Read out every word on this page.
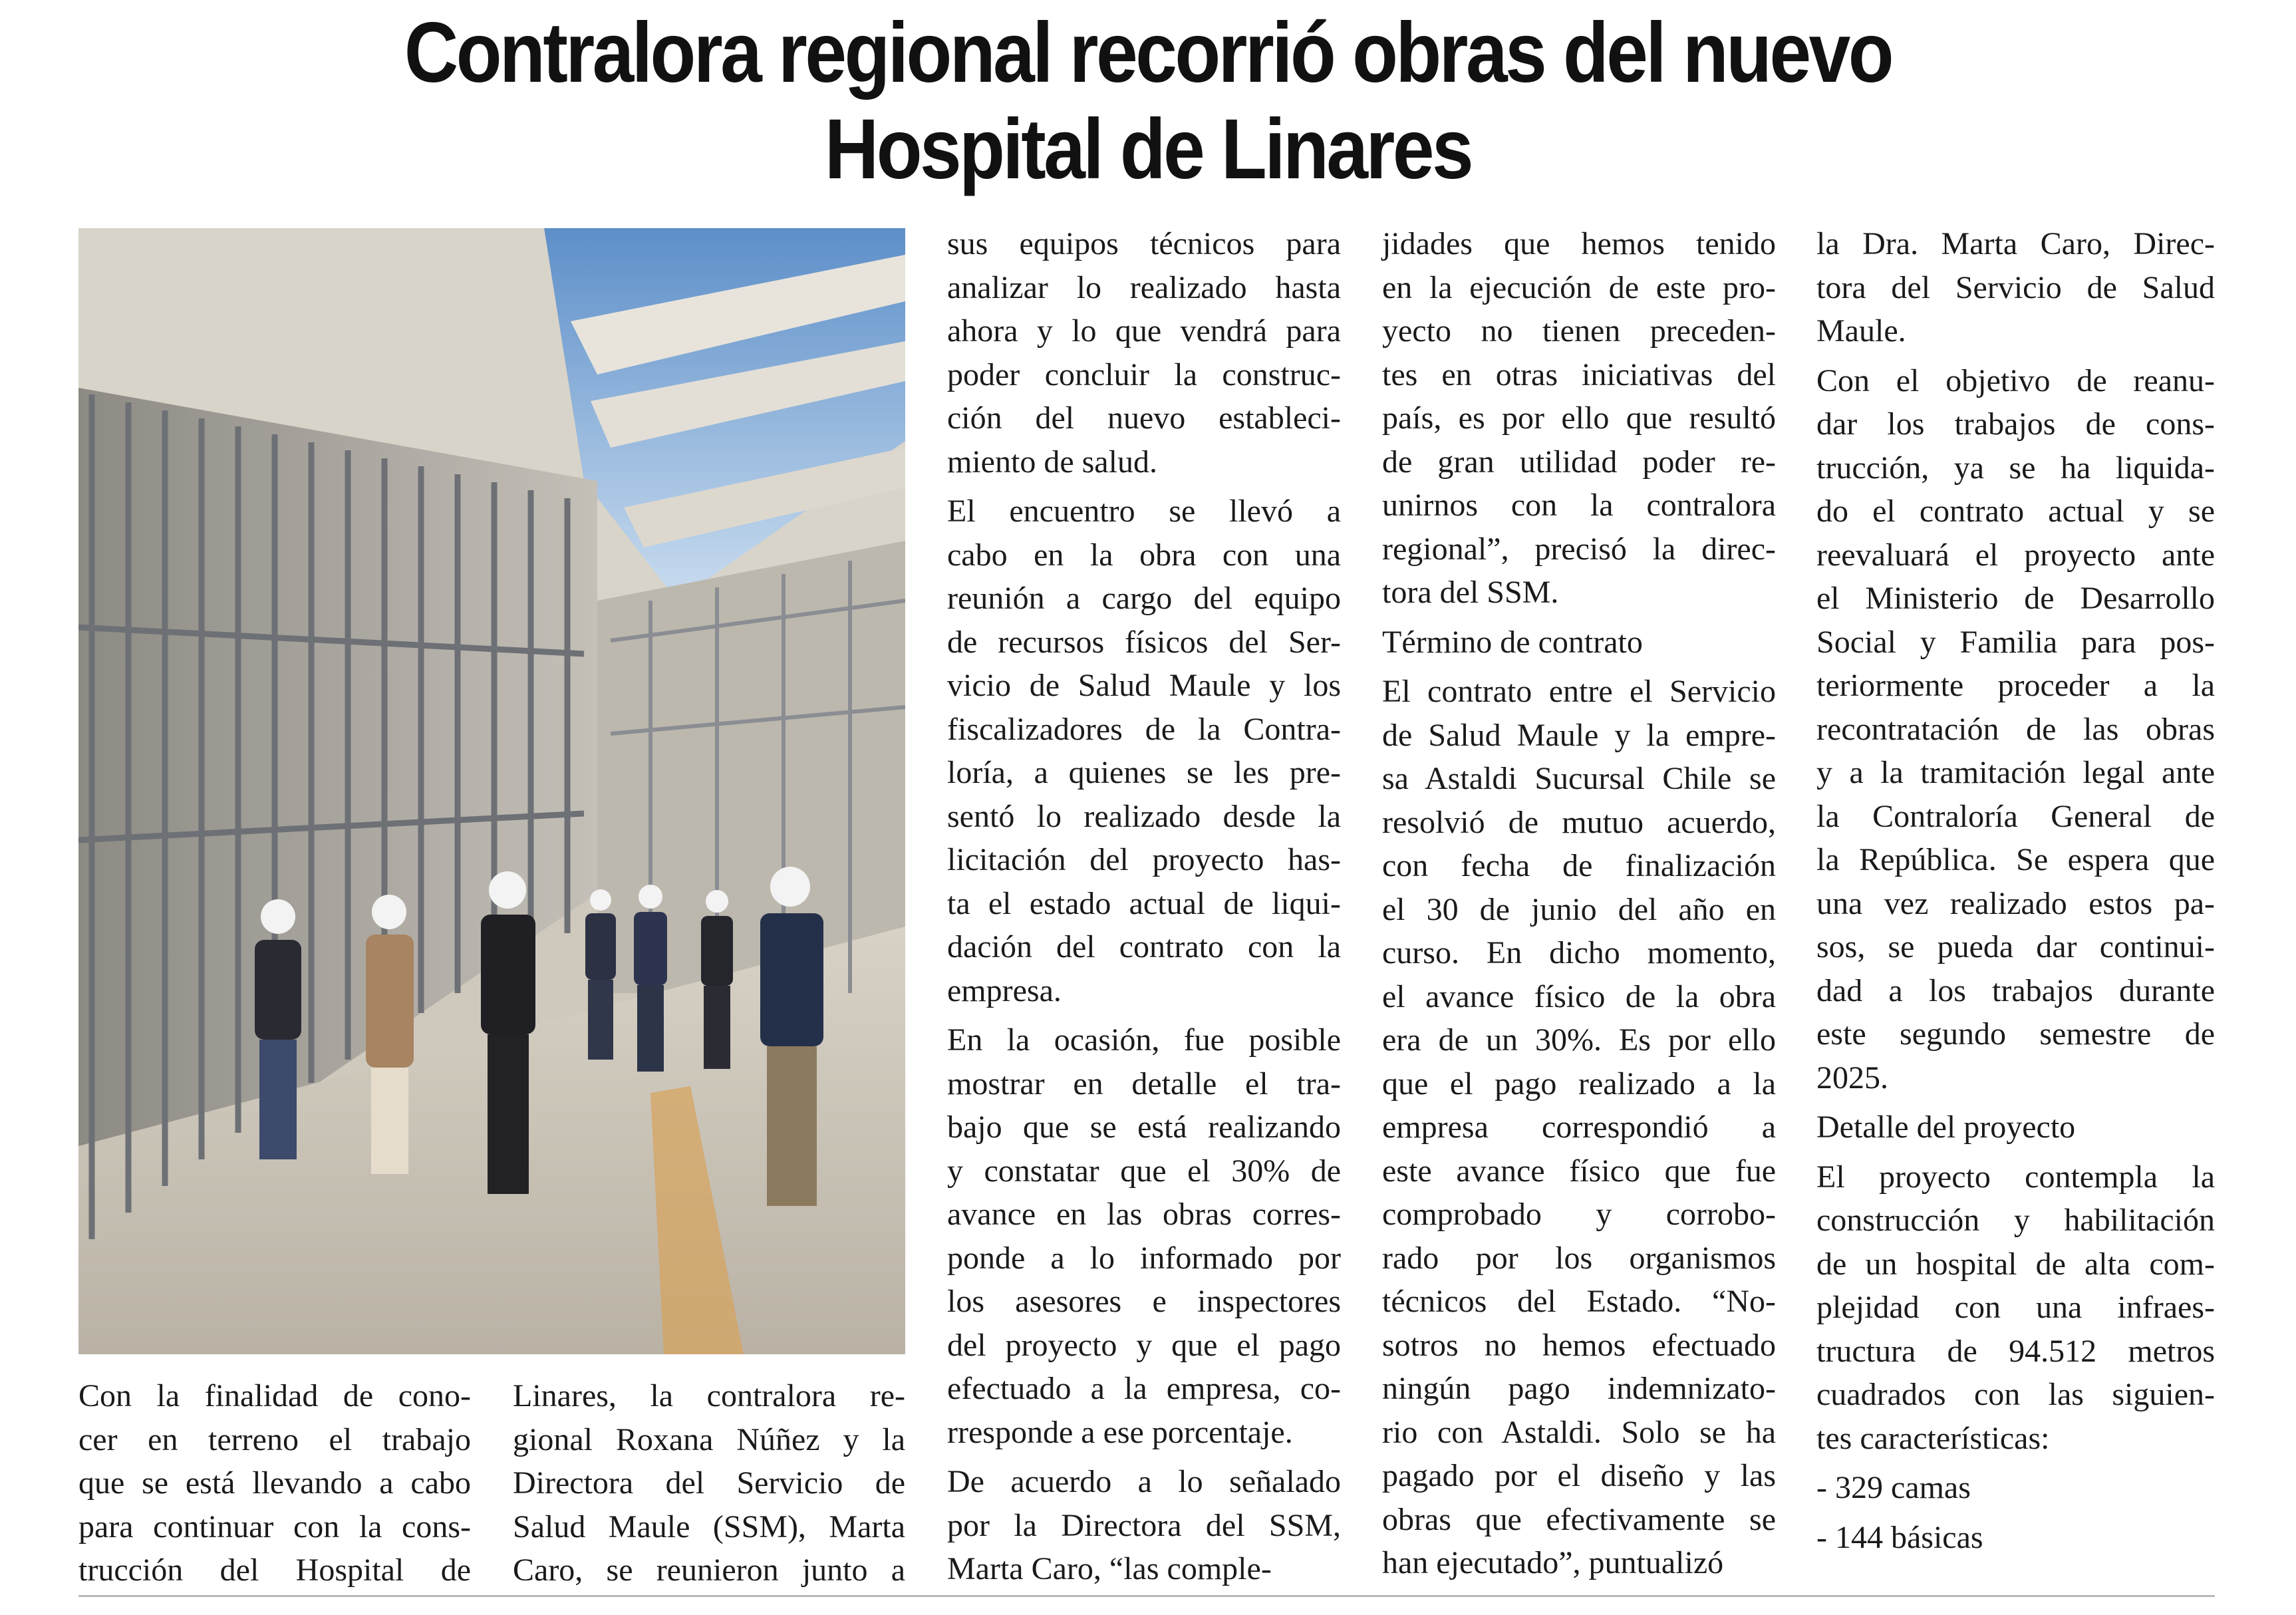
Contralora regional recorrió obras del nuevo
Hospital de Linares

Con la finalidad de cono-
cer en terreno el trabajo
que se está llevando a cabo
para continuar con la cons-
trucción del Hospital de

Linares, la contralora re-
gional Roxana Núñez y la
Directora del Servicio de
Salud Maule (SSM), Marta
Caro, se reunieron junto a

sus equipos técnicos para
analizar lo realizado hasta
ahora y lo que vendrá para
poder concluir la construc-
ción del nuevo estableci-
miento de salud.

El encuentro se llevó a
cabo en la obra con una
reunión a cargo del equipo
de recursos físicos del Ser-
vicio de Salud Maule y los
fiscalizadores de la Contra-
loría, a quienes se les pre-
sentó lo realizado desde la
licitación del proyecto has-
ta el estado actual de liqui-
dación del contrato con la
empresa.

En la ocasión, fue posible
mostrar en detalle el tra-
bajo que se está realizando
y constatar que el 30% de
avance en las obras corres-
ponde a lo informado por
los asesores e inspectores
del proyecto y que el pago
efectuado a la empresa, co-
rresponde a ese porcentaje.

De acuerdo a lo señalado
por la Directora del SSM,
Marta Caro, “las comple-

jidades que hemos tenido
en la ejecución de este pro-
yecto no tienen preceden-
tes en otras iniciativas del
país, es por ello que resultó
de gran utilidad poder re-
unirnos con la contralora
regional”, precisó la direc-
tora del SSM.

Término de contrato

El contrato entre el Servicio
de Salud Maule y la empre-
sa Astaldi Sucursal Chile se
resolvió de mutuo acuerdo,
con fecha de finalización
el 30 de junio del año en
curso. En dicho momento,
el avance físico de la obra
era de un 30%. Es por ello
que el pago realizado a la
empresa correspondió a
este avance físico que fue
comprobado y corrobo-
rado por los organismos
técnicos del Estado. “No-
sotros no hemos efectuado
ningún pago indemnizato-
rio con Astaldi. Solo se ha
pagado por el diseño y las
obras que efectivamente se
han ejecutado”, puntualizó

la Dra. Marta Caro, Direc-
tora del Servicio de Salud
Maule.

Con el objetivo de reanu-
dar los trabajos de cons-
trucción, ya se ha liquida-
do el contrato actual y se
reevaluará el proyecto ante
el Ministerio de Desarrollo
Social y Familia para pos-
teriormente proceder a la
recontratación de las obras
y a la tramitación legal ante
la Contraloría General de
la República. Se espera que
una vez realizado estos pa-
sos, se pueda dar continui-
dad a los trabajos durante
este segundo semestre de
2025.

Detalle del proyecto

El proyecto contempla la
construcción y habilitación
de un hospital de alta com-
plejidad con una infraes-
tructura de 94.512 metros
cuadrados con las siguien-
tes características:

- 329 camas

- 144 básicas
